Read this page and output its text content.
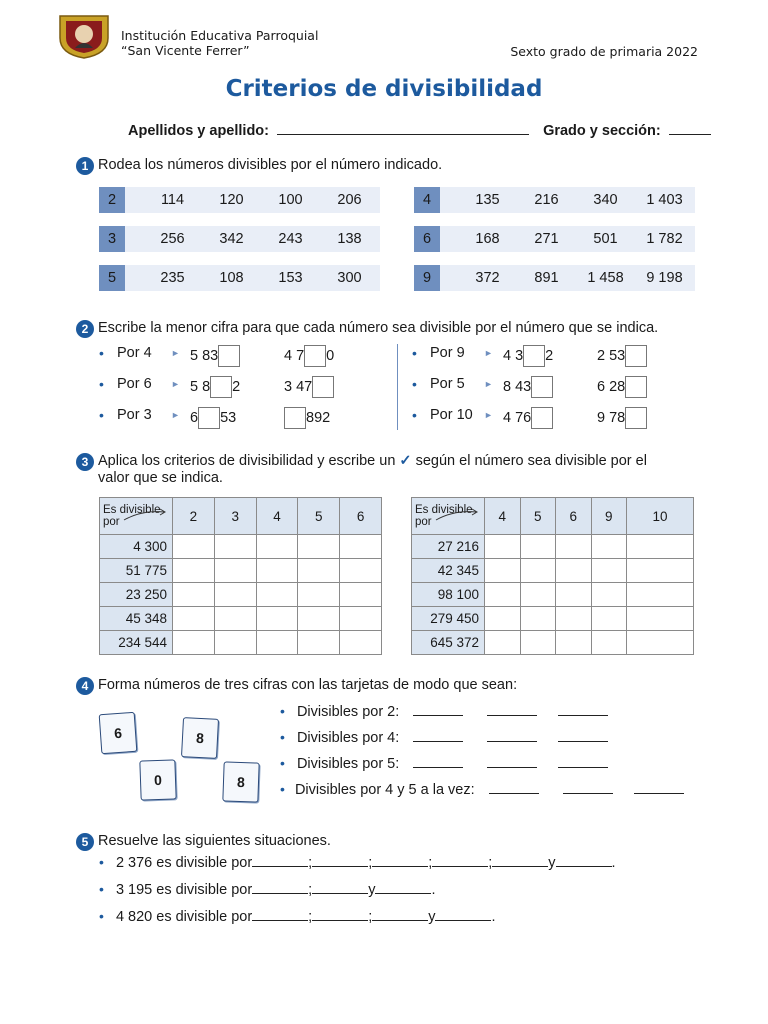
Institución Educativa Parroquial
“San Vicente Ferrer”	Sexto grado de primaria 2022
Criterios de divisibilidad
Apellidos y apellido:	Grado y sección:
1 Rodea los números divisibles por el número indicado.
2	114	120	100	206	4	135	216	340	1 403
3	256	342	243	138	6	168	271	501	1 782
5	235	108	153	300	9	372	891	1 458	9 198
2 Escribe la menor cifra para que cada número sea divisible por el número que se indica.
• Por 4	► 5 83	4 7 0
• Por 6	► 5 8 2	3 47
• Por 3	► 6 53	892
• Por 9	► 4 3 2	2 53
• Por 5	► 8 43	6 28
• Por 10	► 4 76	9 78
3 Aplica los criterios de divisibilidad y escribe un ✓ según el número sea divisible por el
valor que se indica.
Es divisible
por	2	3	4	5	6
4 300					
51 775					
23 250					
45 348					
234 544					
Es divisible
por	4	5	6	9	10
27 216					
42 345					
98 100					
279 450					
645 372					
4 Forma números de tres cifras con las tarjetas de modo que sean:
6	8
0	8
• Divisibles por 2:
• Divisibles por 4:
• Divisibles por 5:
• Divisibles por 4 y 5 a la vez:
5 Resuelve las siguientes situaciones.
• 2 376 es divisible por	;	;	;	;	y	.
• 3 195 es divisible por	;	y	.
• 4 820 es divisible por	;	;	y	.
